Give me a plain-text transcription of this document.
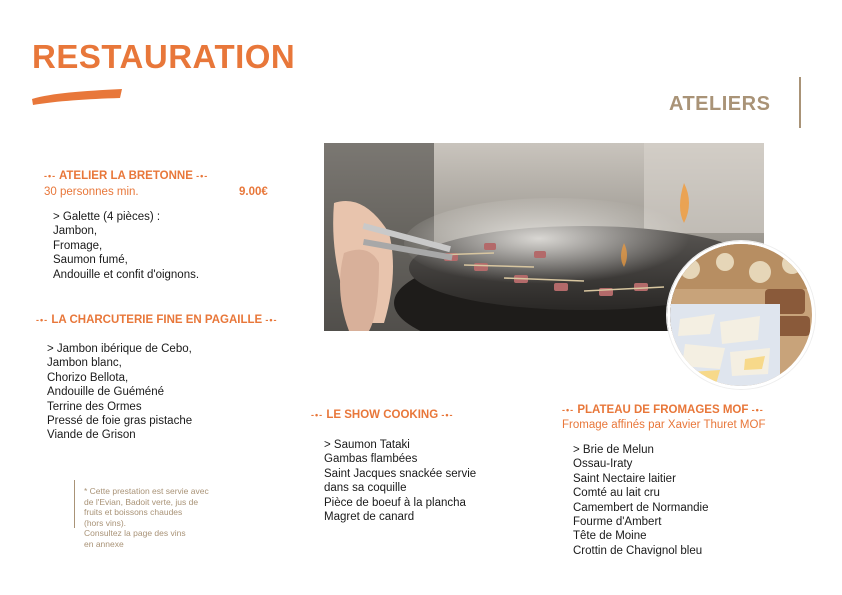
RESTAURATION
ATELIERS
-•- ATELIER LA BRETONNE -•-
30 personnes min.	9.00€
> Galette (4 pièces) :
Jambon,
Fromage,
Saumon fumé,
Andouille et confit d'oignons.
-•- LA CHARCUTERIE FINE EN PAGAILLE -•-
> Jambon ibérique de Cebo,
Jambon blanc,
Chorizo Bellota,
Andouille de Guéméné
Terrine des Ormes
Pressé de foie gras pistache
Viande de Grison
* Cette prestation est servie avec
de l'Evian, Badoit verte, jus de
fruits et boissons chaudes
(hors vins).
Consultez la page des vins
en annexe
-•- LE SHOW COOKING -•-
> Saumon Tataki
Gambas flambées
Saint Jacques snackée servie
dans sa coquille
Pièce de boeuf à la plancha
Magret de canard
-•- PLATEAU DE FROMAGES MOF -•-
Fromage affinés par Xavier Thuret MOF
> Brie de Melun
Ossau-Iraty
Saint Nectaire laitier
Comté au lait cru
Camembert de Normandie
Fourme d'Ambert
Tête de Moine
Crottin de Chavignol bleu
